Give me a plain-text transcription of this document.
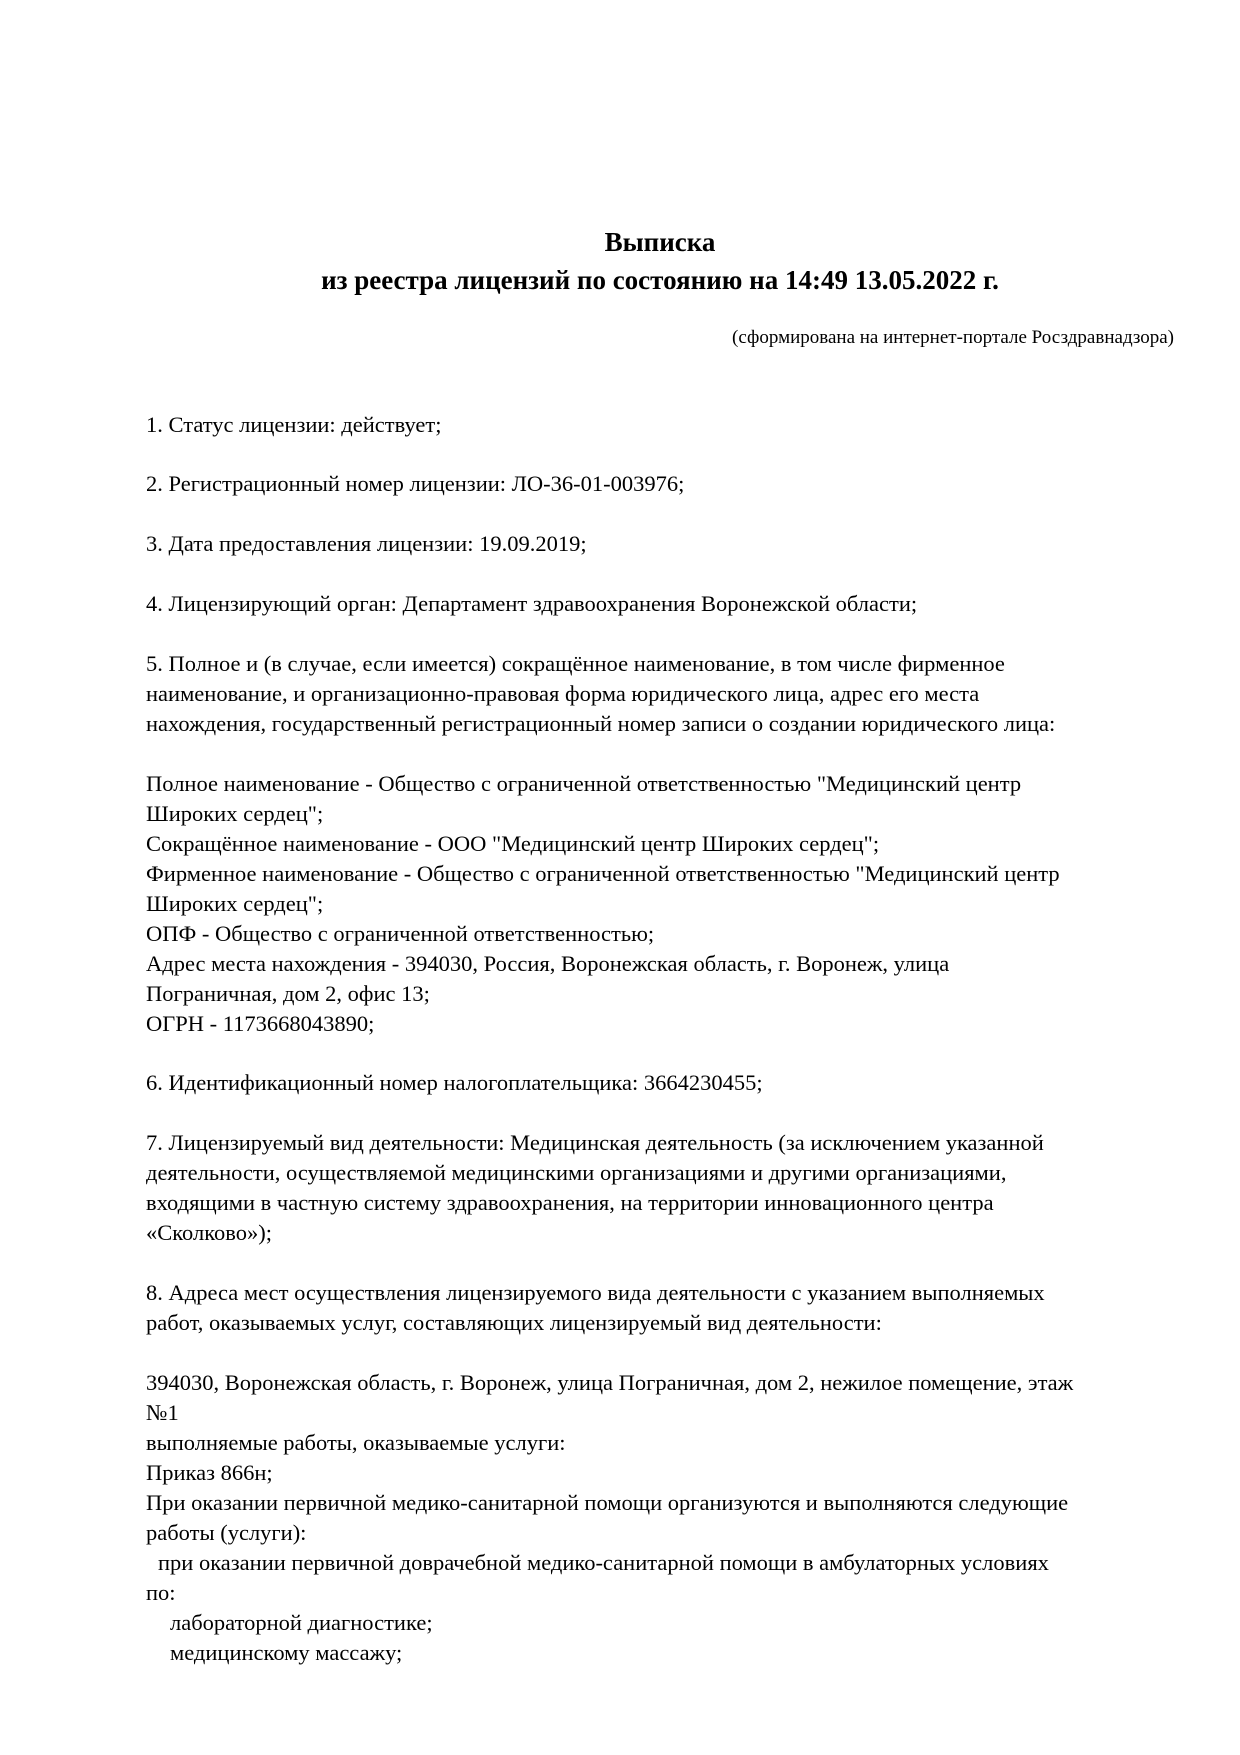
Выписка
из реестра лицензий по состоянию на 14:49 13.05.2022 г.
(сформирована на интернет-портале Росздравнадзора)
1. Статус лицензии: действует;
2. Регистрационный номер лицензии: ЛО-36-01-003976;
3. Дата предоставления лицензии: 19.09.2019;
4. Лицензирующий орган: Департамент здравоохранения Воронежской области;
5. Полное и (в случае, если имеется) сокращённое наименование, в том числе фирменное
наименование, и организационно-правовая форма юридического лица, адрес его места
нахождения, государственный регистрационный номер записи о создании юридического лица:
Полное наименование - Общество с ограниченной ответственностью "Медицинский центр
Широких сердец";
Сокращённое наименование - ООО "Медицинский центр Широких сердец";
Фирменное наименование - Общество с ограниченной ответственностью "Медицинский центр
Широких сердец";
ОПФ - Общество с ограниченной ответственностью;
Адрес места нахождения - 394030, Россия, Воронежская область, г. Воронеж, улица
Пограничная, дом 2, офис 13;
ОГРН - 1173668043890;
6. Идентификационный номер налогоплательщика: 3664230455;
7. Лицензируемый вид деятельности: Медицинская деятельность (за исключением указанной
деятельности, осуществляемой медицинскими организациями и другими организациями,
входящими в частную систему здравоохранения, на территории инновационного центра
«Сколково»);
8. Адреса мест осуществления лицензируемого вида деятельности с указанием выполняемых
работ, оказываемых услуг, составляющих лицензируемый вид деятельности:
394030, Воронежская область, г. Воронеж, улица Пограничная, дом 2, нежилое помещение, этаж
№1
выполняемые работы, оказываемые услуги:
Приказ 866н;
При оказании первичной медико-санитарной помощи организуются и выполняются следующие
работы (услуги):
при оказании первичной доврачебной медико-санитарной помощи в амбулаторных условиях
по:
лабораторной диагностике;
медицинскому массажу;
